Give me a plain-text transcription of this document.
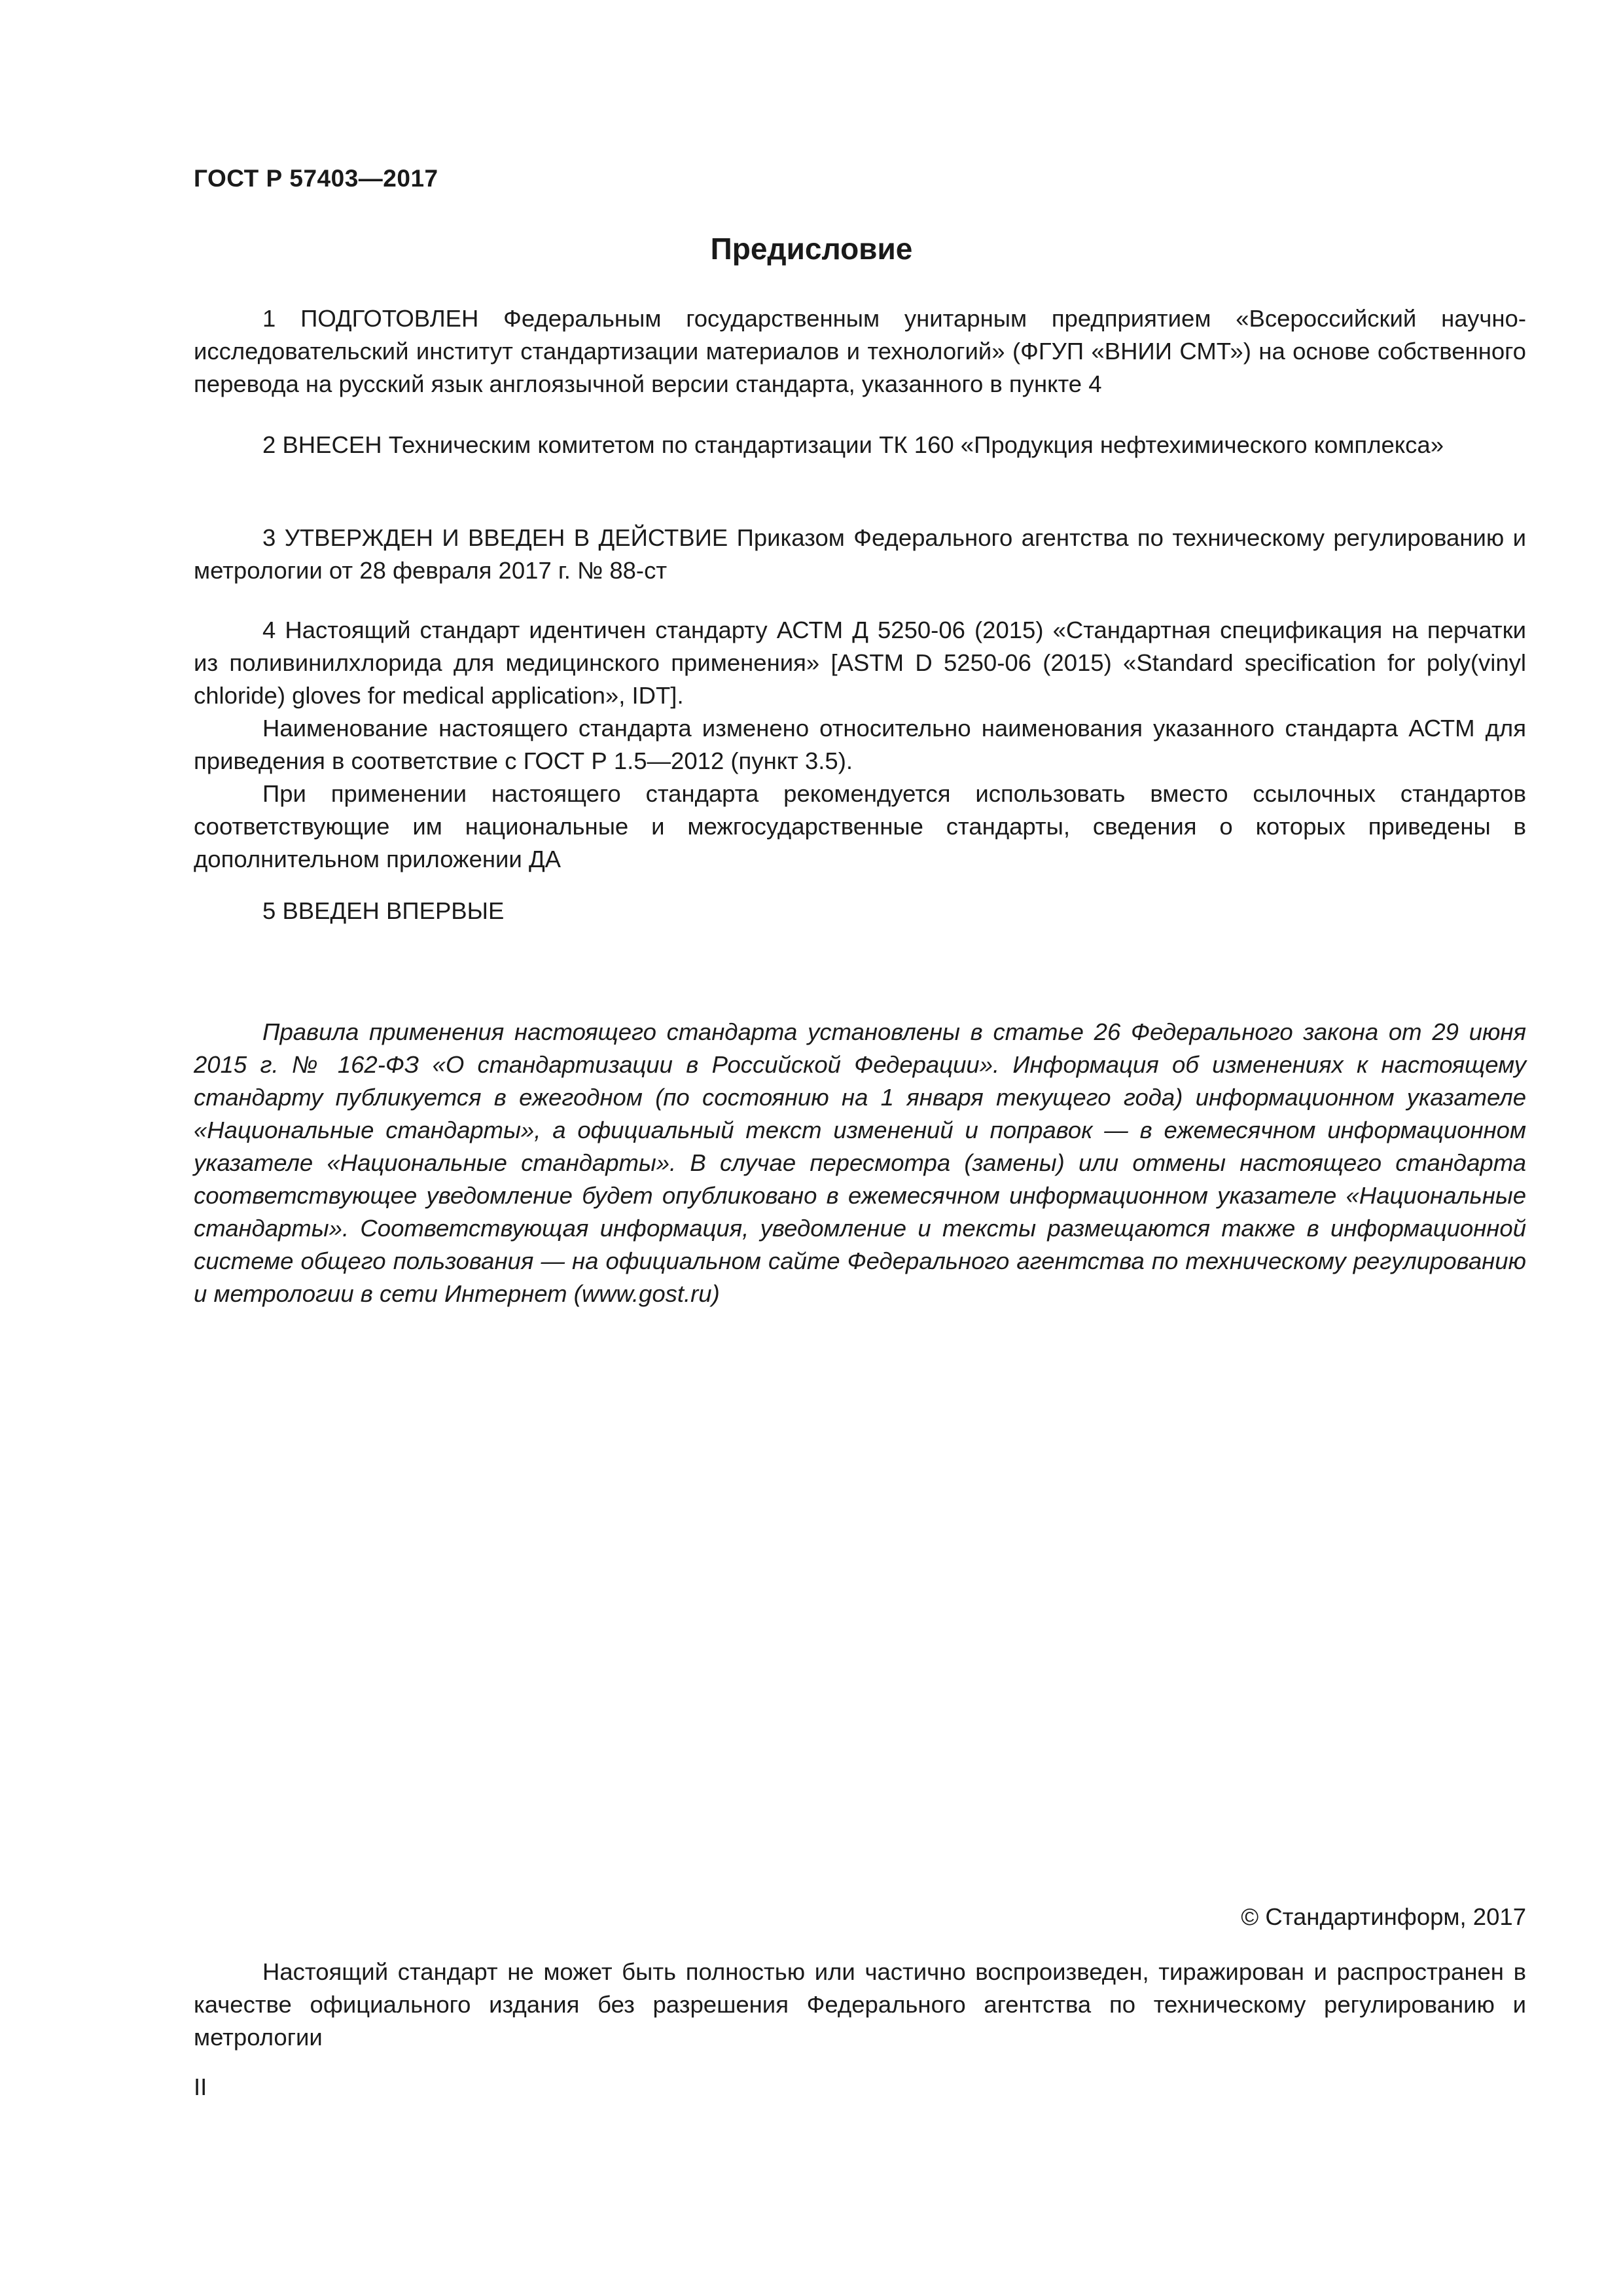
ГОСТ Р 57403—2017
Предисловие

1 ПОДГОТОВЛЕН Федеральным государственным унитарным предприятием «Всероссийский научно-исследовательский институт стандартизации материалов и технологий» (ФГУП «ВНИИ СМТ») на основе собственного перевода на русский язык англоязычной версии стандарта, указанного в пункте 4

2 ВНЕСЕН Техническим комитетом по стандартизации ТК 160 «Продукция нефтехимического комплекса»

3 УТВЕРЖДЕН И ВВЕДЕН В ДЕЙСТВИЕ Приказом Федерального агентства по техническому регулированию и метрологии от 28 февраля 2017 г. № 88-ст

4 Настоящий стандарт идентичен стандарту АСТМ Д 5250-06 (2015) «Стандартная спецификация на перчатки из поливинилхлорида для медицинского применения» [ASTM D 5250-06 (2015) «Standard specification for poly(vinyl chloride) gloves for medical application», IDT].

Наименование настоящего стандарта изменено относительно наименования указанного стандарта АСТМ для приведения в соответствие с ГОСТ Р 1.5—2012 (пункт 3.5).

При применении настоящего стандарта рекомендуется использовать вместо ссылочных стандартов соответствующие им национальные и межгосударственные стандарты, сведения о которых приведены в дополнительном приложении ДА

5 ВВЕДЕН ВПЕРВЫЕ

Правила применения настоящего стандарта установлены в статье 26 Федерального закона от 29 июня 2015 г. № 162-ФЗ «О стандартизации в Российской Федерации». Информация об изменениях к настоящему стандарту публикуется в ежегодном (по состоянию на 1 января текущего года) информационном указателе «Национальные стандарты», а официальный текст изменений и поправок — в ежемесячном информационном указателе «Национальные стандарты». В случае пересмотра (замены) или отмены настоящего стандарта соответствующее уведомление будет опубликовано в ежемесячном информационном указателе «Национальные стандарты». Соответствующая информация, уведомление и тексты размещаются также в информационной системе общего пользования — на официальном сайте Федерального агентства по техническому регулированию и метрологии в сети Интернет (www.gost.ru)

© Стандартинформ, 2017

Настоящий стандарт не может быть полностью или частично воспроизведен, тиражирован и распространен в качестве официального издания без разрешения Федерального агентства по техническому регулированию и метрологии

II
